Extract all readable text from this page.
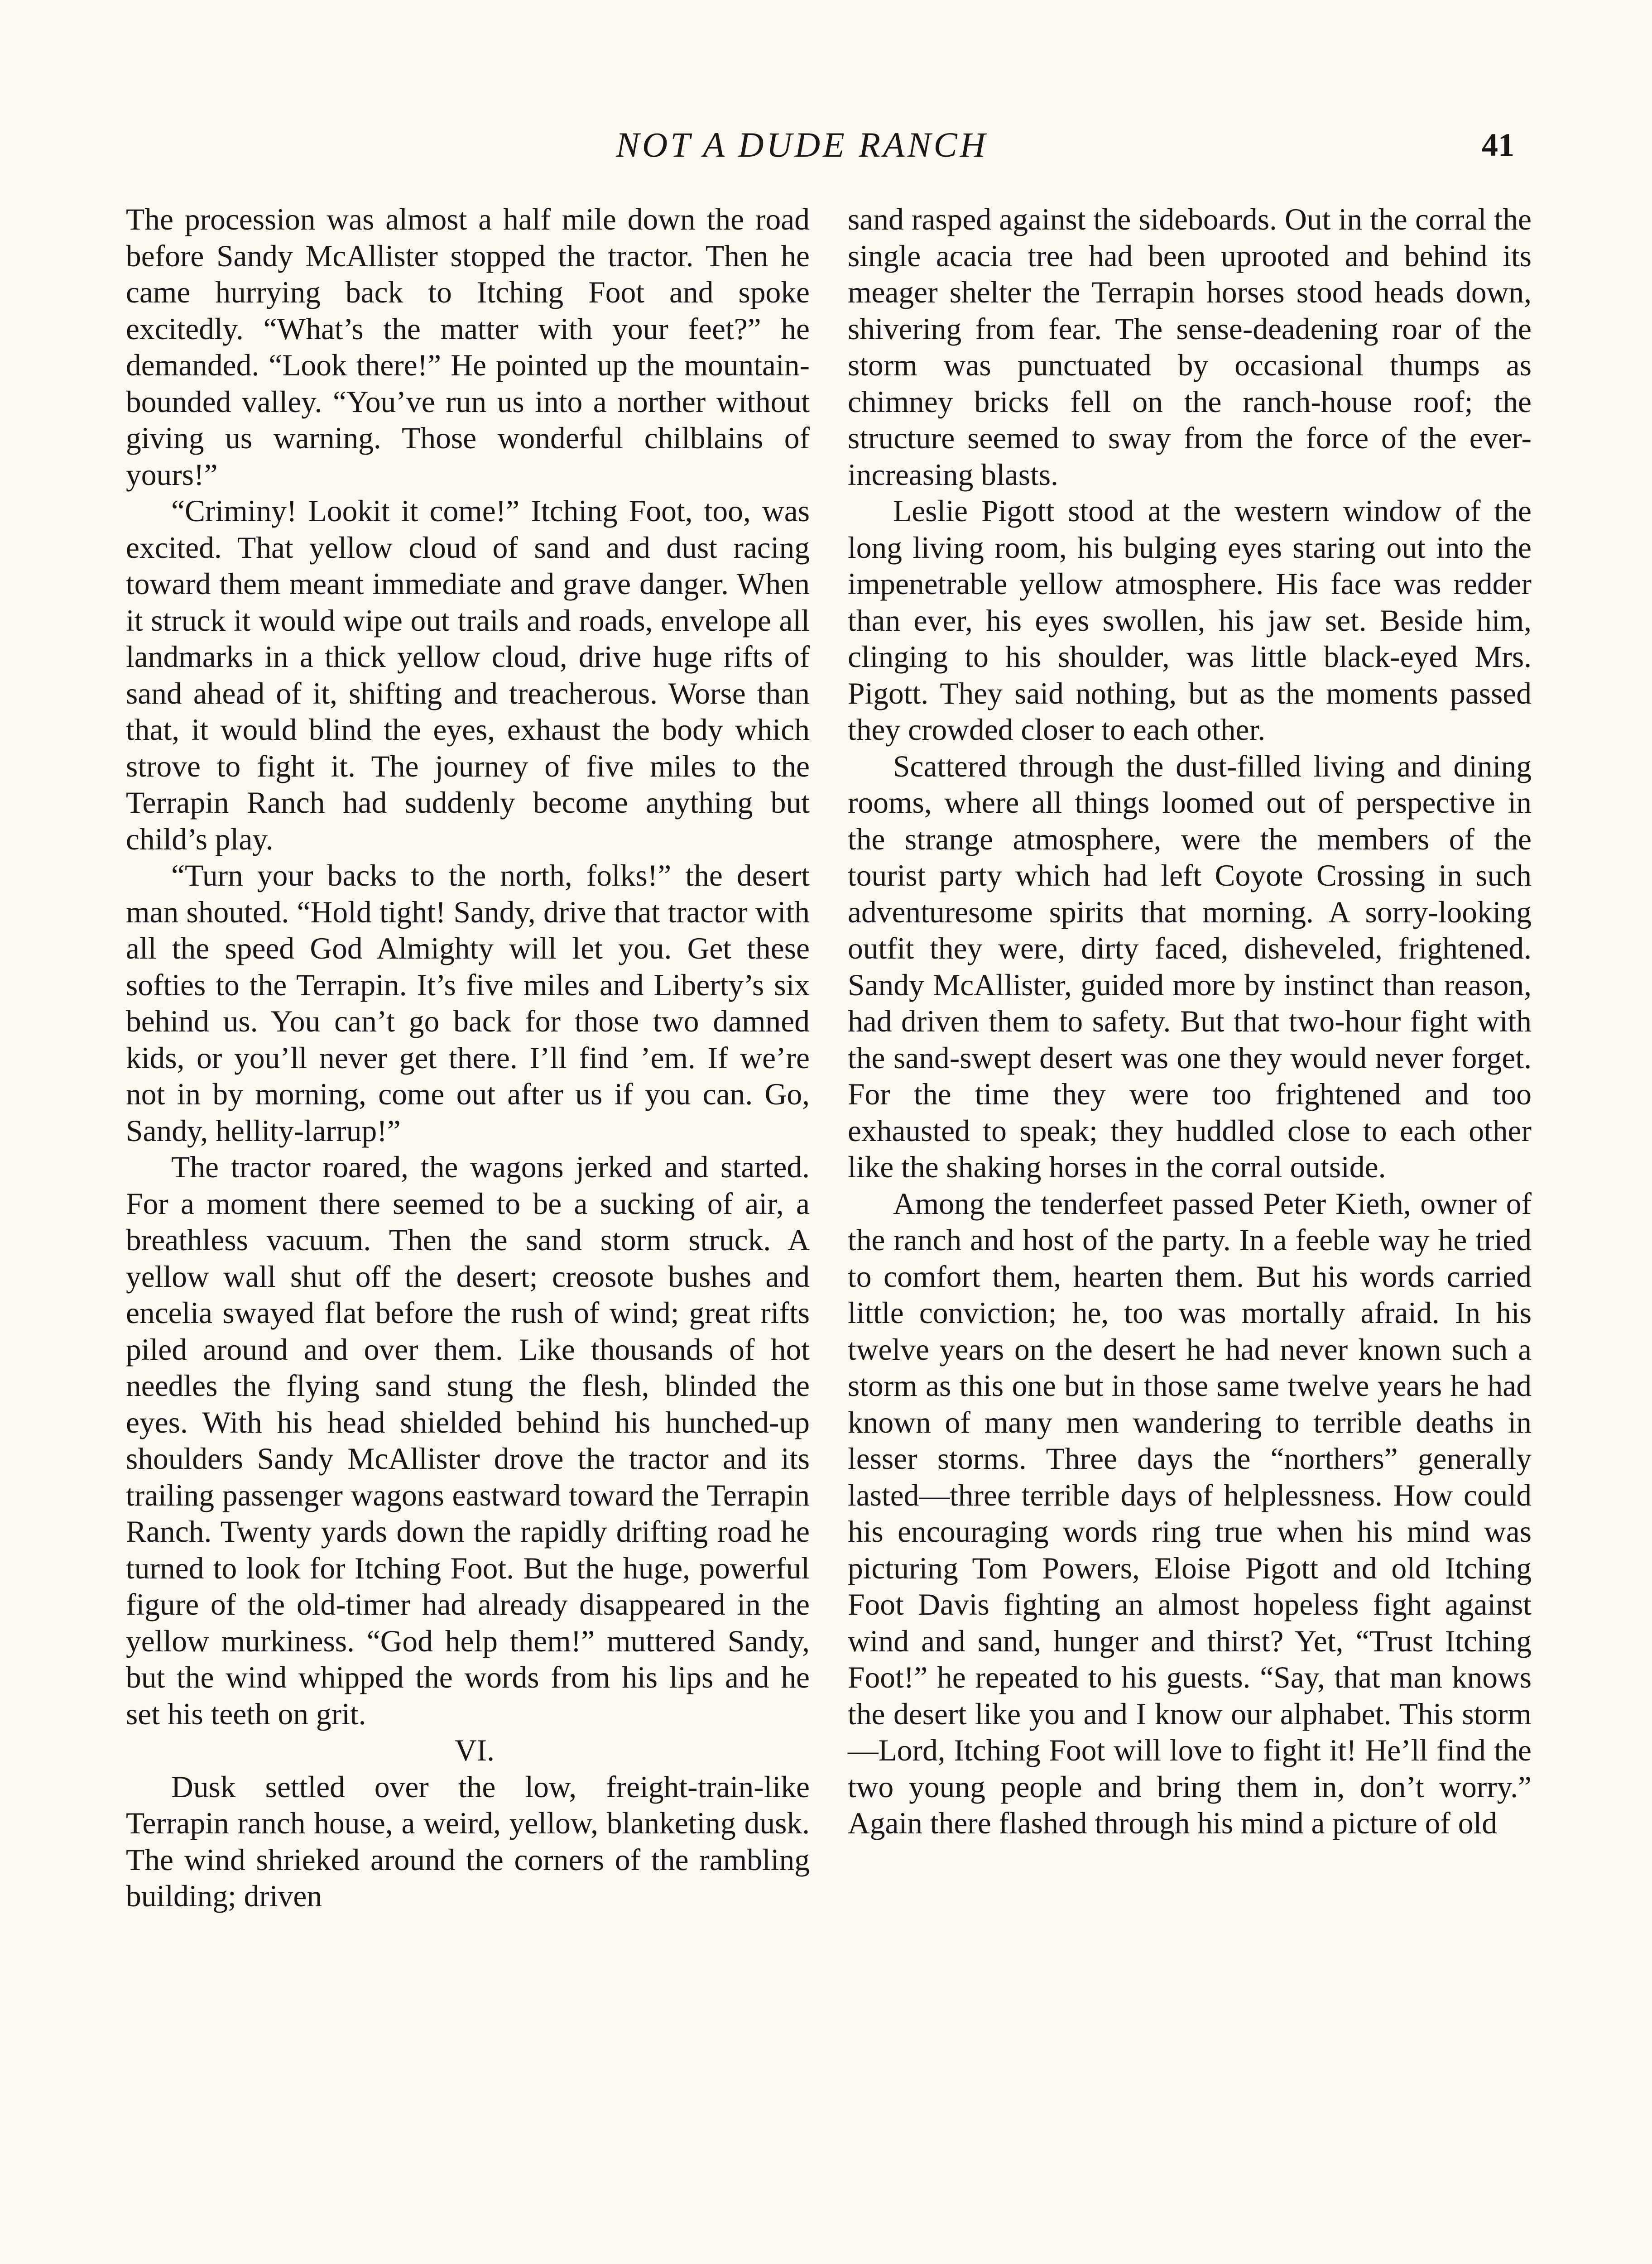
NOT A DUDE RANCH	41

The procession was almost a half mile down the road before Sandy McAllister stopped the tractor. Then he came hurrying back to Itching Foot and spoke excitedly. “What’s the matter with your feet?” he demanded. “Look there!” He pointed up the mountain-bounded valley. “You’ve run us into a norther without giving us warning. Those wonderful chilblains of yours!”

“Criminy! Lookit it come!” Itching Foot, too, was excited. That yellow cloud of sand and dust racing toward them meant immediate and grave danger. When it struck it would wipe out trails and roads, envelope all landmarks in a thick yellow cloud, drive huge rifts of sand ahead of it, shifting and treacherous. Worse than that, it would blind the eyes, exhaust the body which strove to fight it. The journey of five miles to the Terrapin Ranch had suddenly become anything but child’s play.

“Turn your backs to the north, folks!” the desert man shouted. “Hold tight! Sandy, drive that tractor with all the speed God Almighty will let you. Get these softies to the Terrapin. It’s five miles and Liberty’s six behind us. You can’t go back for those two damned kids, or you’ll never get there. I’ll find ’em. If we’re not in by morning, come out after us if you can. Go, Sandy, hellity-larrup!”

The tractor roared, the wagons jerked and started. For a moment there seemed to be a sucking of air, a breathless vacuum. Then the sand storm struck. A yellow wall shut off the desert; creosote bushes and encelia swayed flat before the rush of wind; great rifts piled around and over them. Like thousands of hot needles the flying sand stung the flesh, blinded the eyes. With his head shielded behind his hunched-up shoulders Sandy McAllister drove the tractor and its trailing passenger wagons eastward toward the Terrapin Ranch. Twenty yards down the rapidly drifting road he turned to look for Itching Foot. But the huge, powerful figure of the old-timer had already disappeared in the yellow murkiness. “God help them!” muttered Sandy, but the wind whipped the words from his lips and he set his teeth on grit.

VI.

Dusk settled over the low, freight-train-like Terrapin ranch house, a weird, yellow, blanketing dusk. The wind shrieked around the corners of the rambling building; driven

sand rasped against the sideboards. Out in the corral the single acacia tree had been uprooted and behind its meager shelter the Terrapin horses stood heads down, shivering from fear. The sense-deadening roar of the storm was punctuated by occasional thumps as chimney bricks fell on the ranch-house roof; the structure seemed to sway from the force of the ever-increasing blasts.

Leslie Pigott stood at the western window of the long living room, his bulging eyes staring out into the impenetrable yellow atmosphere. His face was redder than ever, his eyes swollen, his jaw set. Beside him, clinging to his shoulder, was little black-eyed Mrs. Pigott. They said nothing, but as the moments passed they crowded closer to each other.

Scattered through the dust-filled living and dining rooms, where all things loomed out of perspective in the strange atmosphere, were the members of the tourist party which had left Coyote Crossing in such adventuresome spirits that morning. A sorry-looking outfit they were, dirty faced, disheveled, frightened. Sandy McAllister, guided more by instinct than reason, had driven them to safety. But that two-hour fight with the sand-swept desert was one they would never forget. For the time they were too frightened and too exhausted to speak; they huddled close to each other like the shaking horses in the corral outside.

Among the tenderfeet passed Peter Kieth, owner of the ranch and host of the party. In a feeble way he tried to comfort them, hearten them. But his words carried little conviction; he, too was mortally afraid. In his twelve years on the desert he had never known such a storm as this one but in those same twelve years he had known of many men wandering to terrible deaths in lesser storms. Three days the “northers” generally lasted—three terrible days of helplessness. How could his encouraging words ring true when his mind was picturing Tom Powers, Eloise Pigott and old Itching Foot Davis fighting an almost hopeless fight against wind and sand, hunger and thirst? Yet, “Trust Itching Foot!” he repeated to his guests. “Say, that man knows the desert like you and I know our alphabet. This storm—Lord, Itching Foot will love to fight it! He’ll find the two young people and bring them in, don’t worry.” Again there flashed through his mind a picture of old
